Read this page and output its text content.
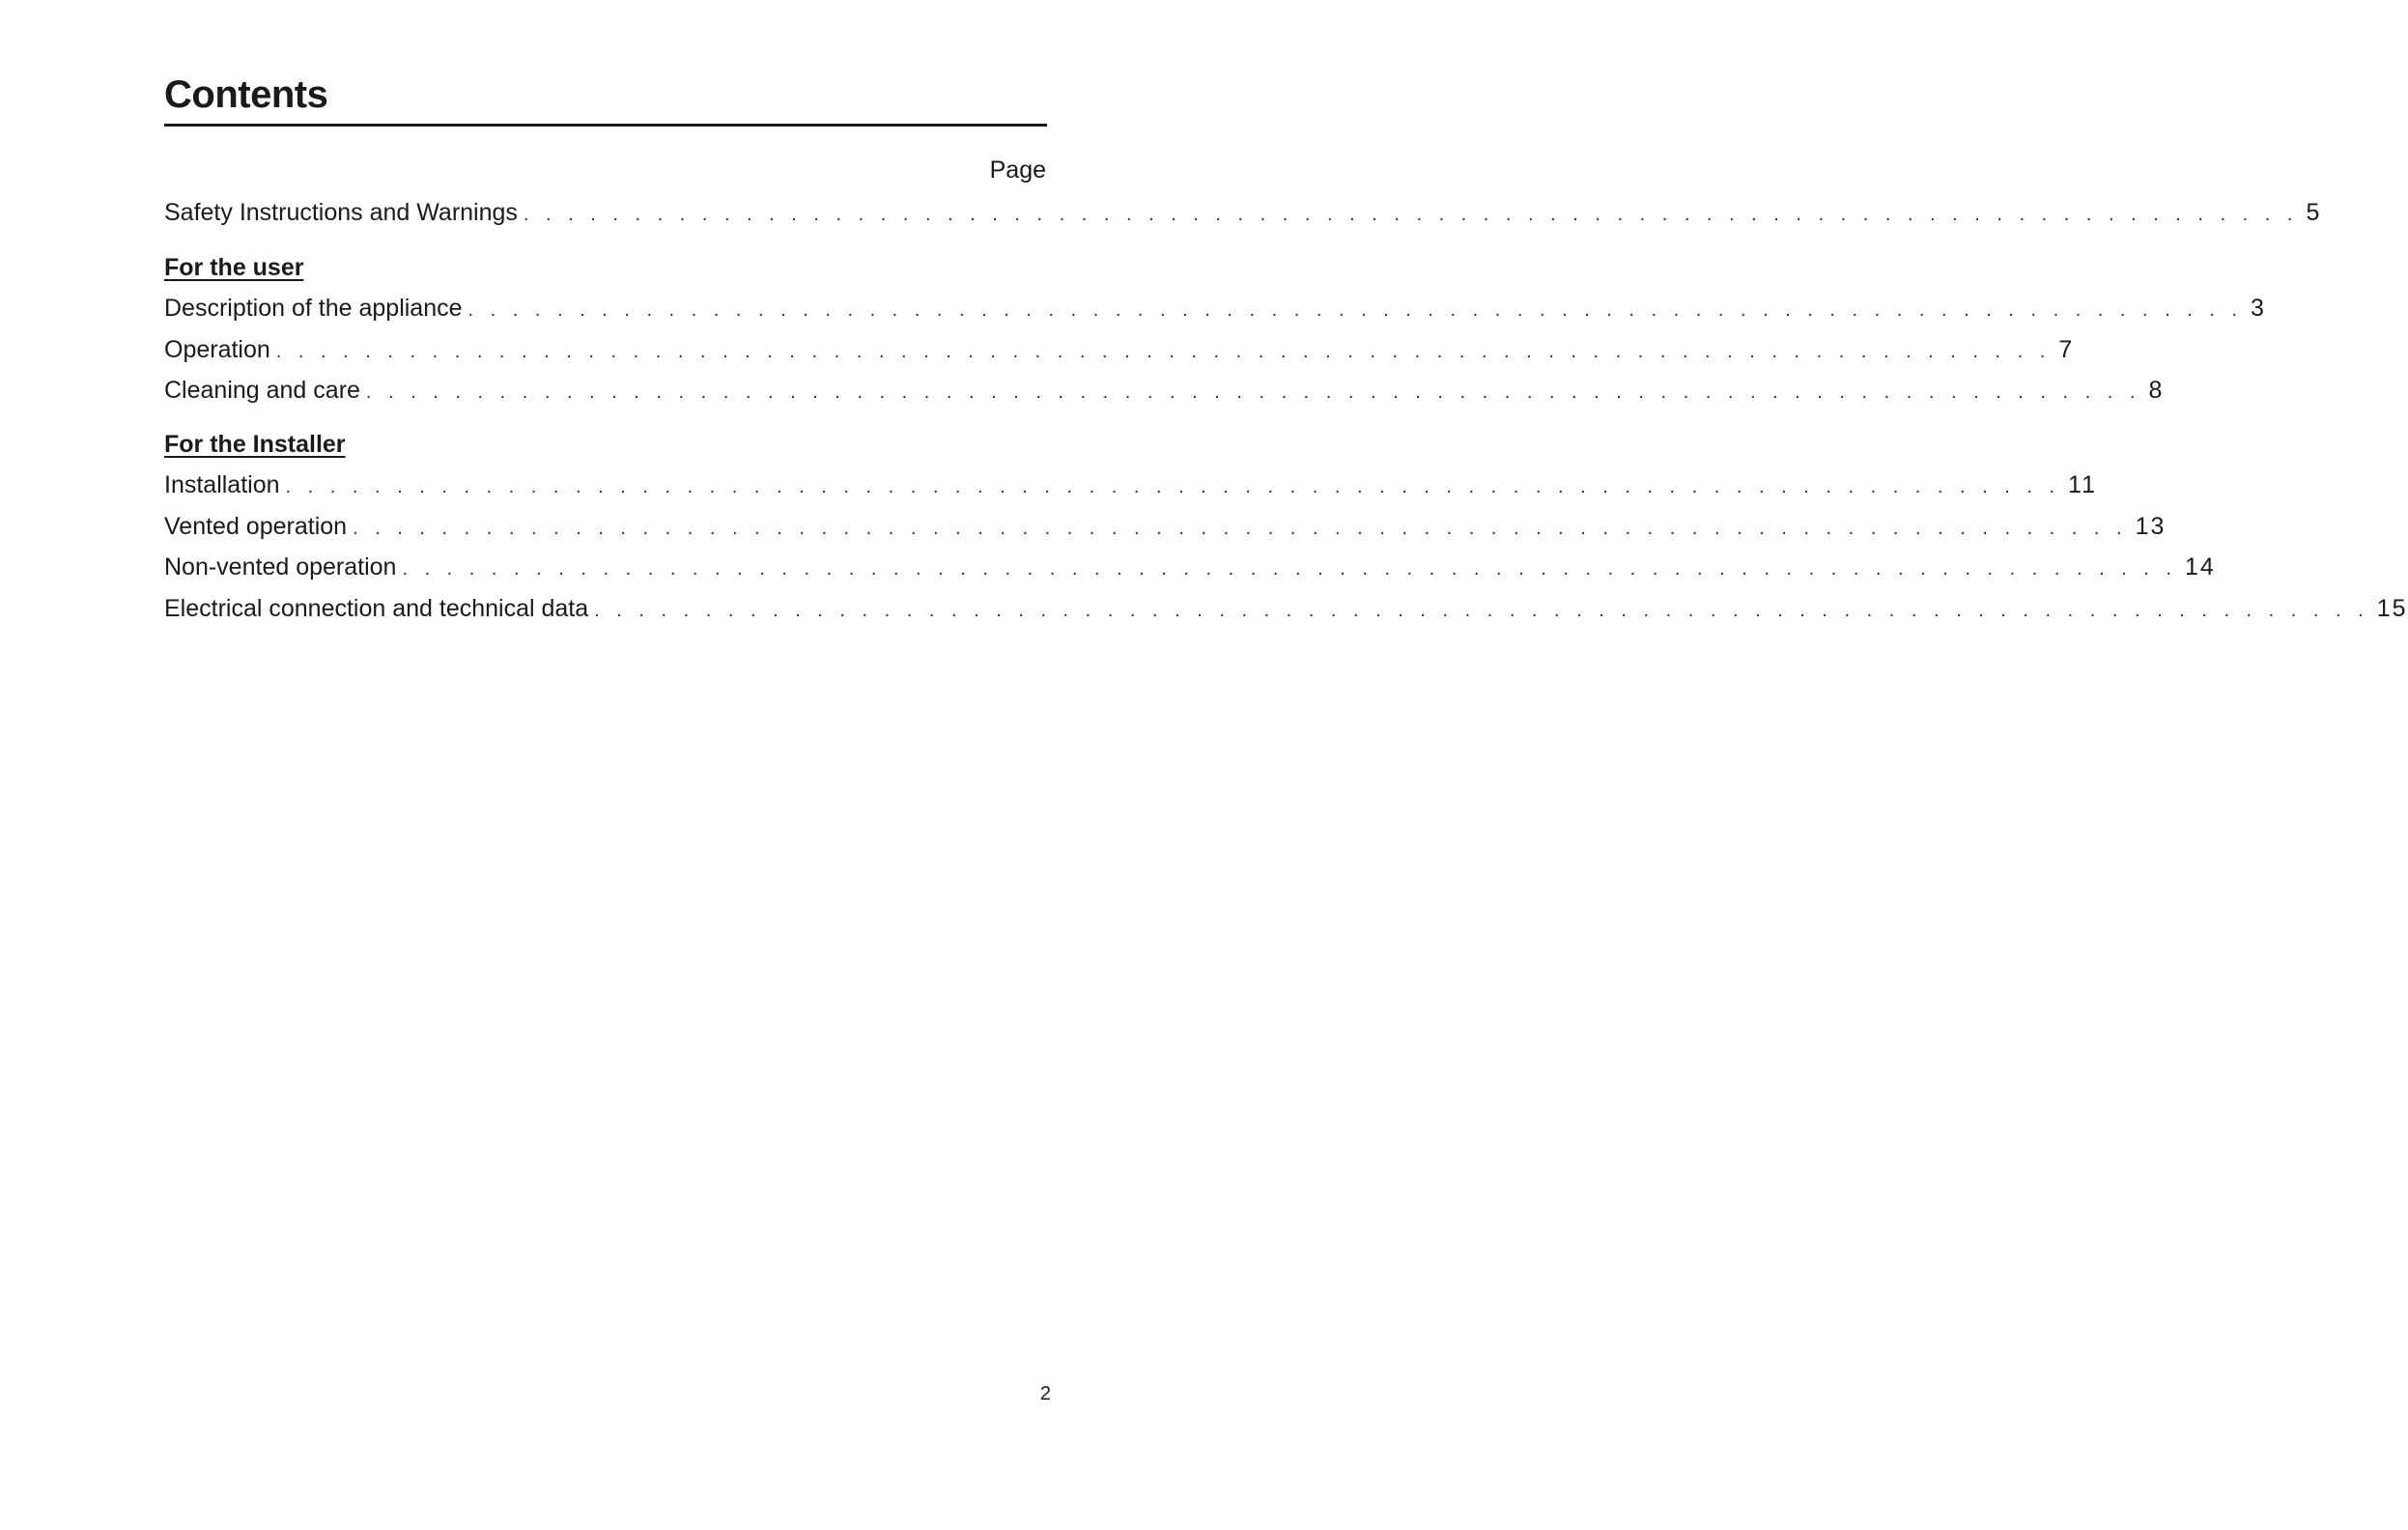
Contents
Page
Safety Instructions and Warnings . . . . . . . . . . . . . . . . . . . . . . . . . . . . . . . . . . . . . . . . . . . . . . . . . . . . . . . . . . . . . . . . . . . . . . . . . . . . . . . . 5
For the user
Description of the appliance . . . . . . . . . . . . . . . . . . . . . . . . . . . . . . . . . . . . . . . . . . . . . . . . . . . . . . . . . . . . . . . . . . . . . . . . . . . . . . . . 3
Operation . . . . . . . . . . . . . . . . . . . . . . . . . . . . . . . . . . . . . . . . . . . . . . . . . . . . . . . . . . . . . . . . . . . . . . . . . . . . . . . . 7
Cleaning and care . . . . . . . . . . . . . . . . . . . . . . . . . . . . . . . . . . . . . . . . . . . . . . . . . . . . . . . . . . . . . . . . . . . . . . . . . . . . . . . . 8
For the Installer
Installation . . . . . . . . . . . . . . . . . . . . . . . . . . . . . . . . . . . . . . . . . . . . . . . . . . . . . . . . . . . . . . . . . . . . . . . . . . . . . . . . 11
Vented operation . . . . . . . . . . . . . . . . . . . . . . . . . . . . . . . . . . . . . . . . . . . . . . . . . . . . . . . . . . . . . . . . . . . . . . . . . . . . . . . . 13
Non-vented operation . . . . . . . . . . . . . . . . . . . . . . . . . . . . . . . . . . . . . . . . . . . . . . . . . . . . . . . . . . . . . . . . . . . . . . . . . . . . . . . . 14
Electrical connection and technical data . . . . . . . . . . . . . . . . . . . . . . . . . . . . . . . . . . . . . . . . . . . . . . . . . . . . . . . . . . . . . . . . . . . . . . . . . . . . . . . . 15
2
